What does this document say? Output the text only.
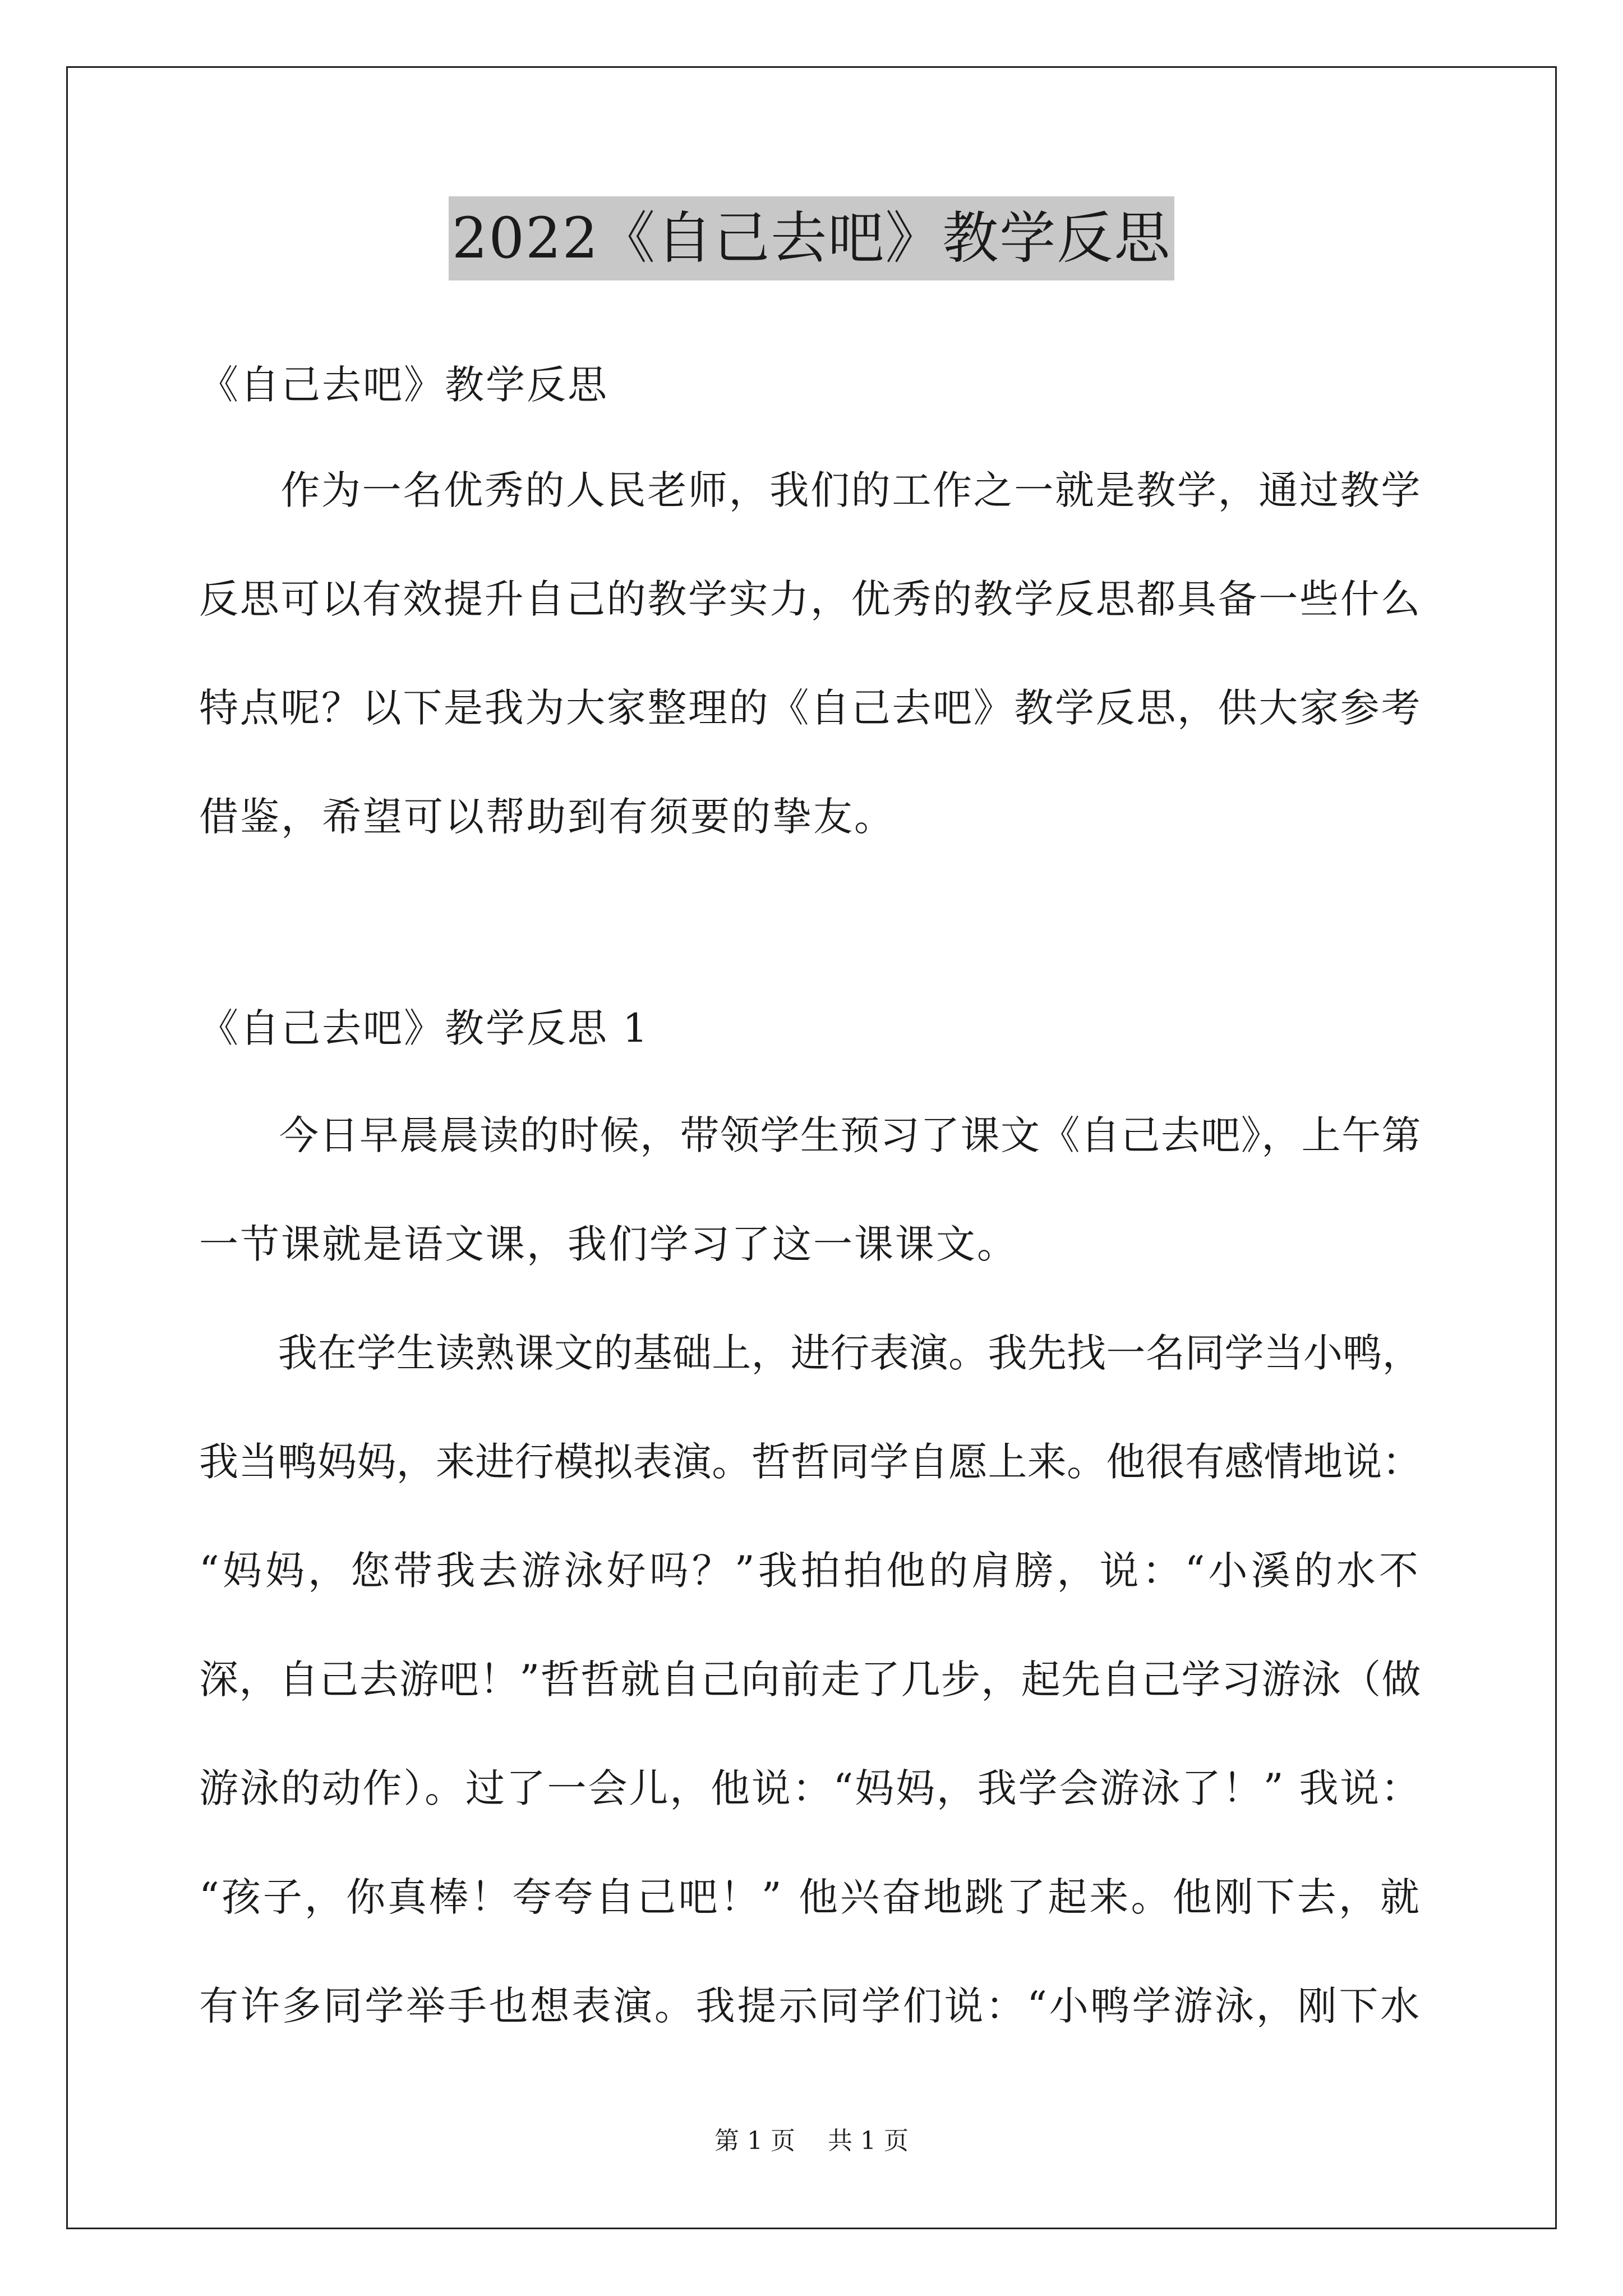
2022《自己去吧》教学反思
《自己去吧》教学反思
　　作为一名优秀的人民老师，我们的工作之一就是教学，通过教学
反思可以有效提升自己的教学实力，优秀的教学反思都具备一些什么
特点呢？以下是我为大家整理的《自己去吧》教学反思，供大家参考
借鉴，希望可以帮助到有须要的挚友。
《自己去吧》教学反思 1
　　今日早晨晨读的时候，带领学生预习了课文《自己去吧》，上午第
一节课就是语文课，我们学习了这一课课文。
　　我在学生读熟课文的基础上，进行表演。我先找一名同学当小鸭，
我当鸭妈妈，来进行模拟表演。哲哲同学自愿上来。他很有感情地说：
“妈妈，您带我去游泳好吗？”我拍拍他的肩膀，说：“小溪的水不
深，自己去游吧！”哲哲就自己向前走了几步，起先自己学习游泳（做
游泳的动作）。过了一会儿，他说：“妈妈，我学会游泳了！” 我说：
“孩子，你真棒！夸夸自己吧！” 他兴奋地跳了起来。他刚下去，就
有许多同学举手也想表演。我提示同学们说：“小鸭学游泳，刚下水
第 1 页　 共 1 页
